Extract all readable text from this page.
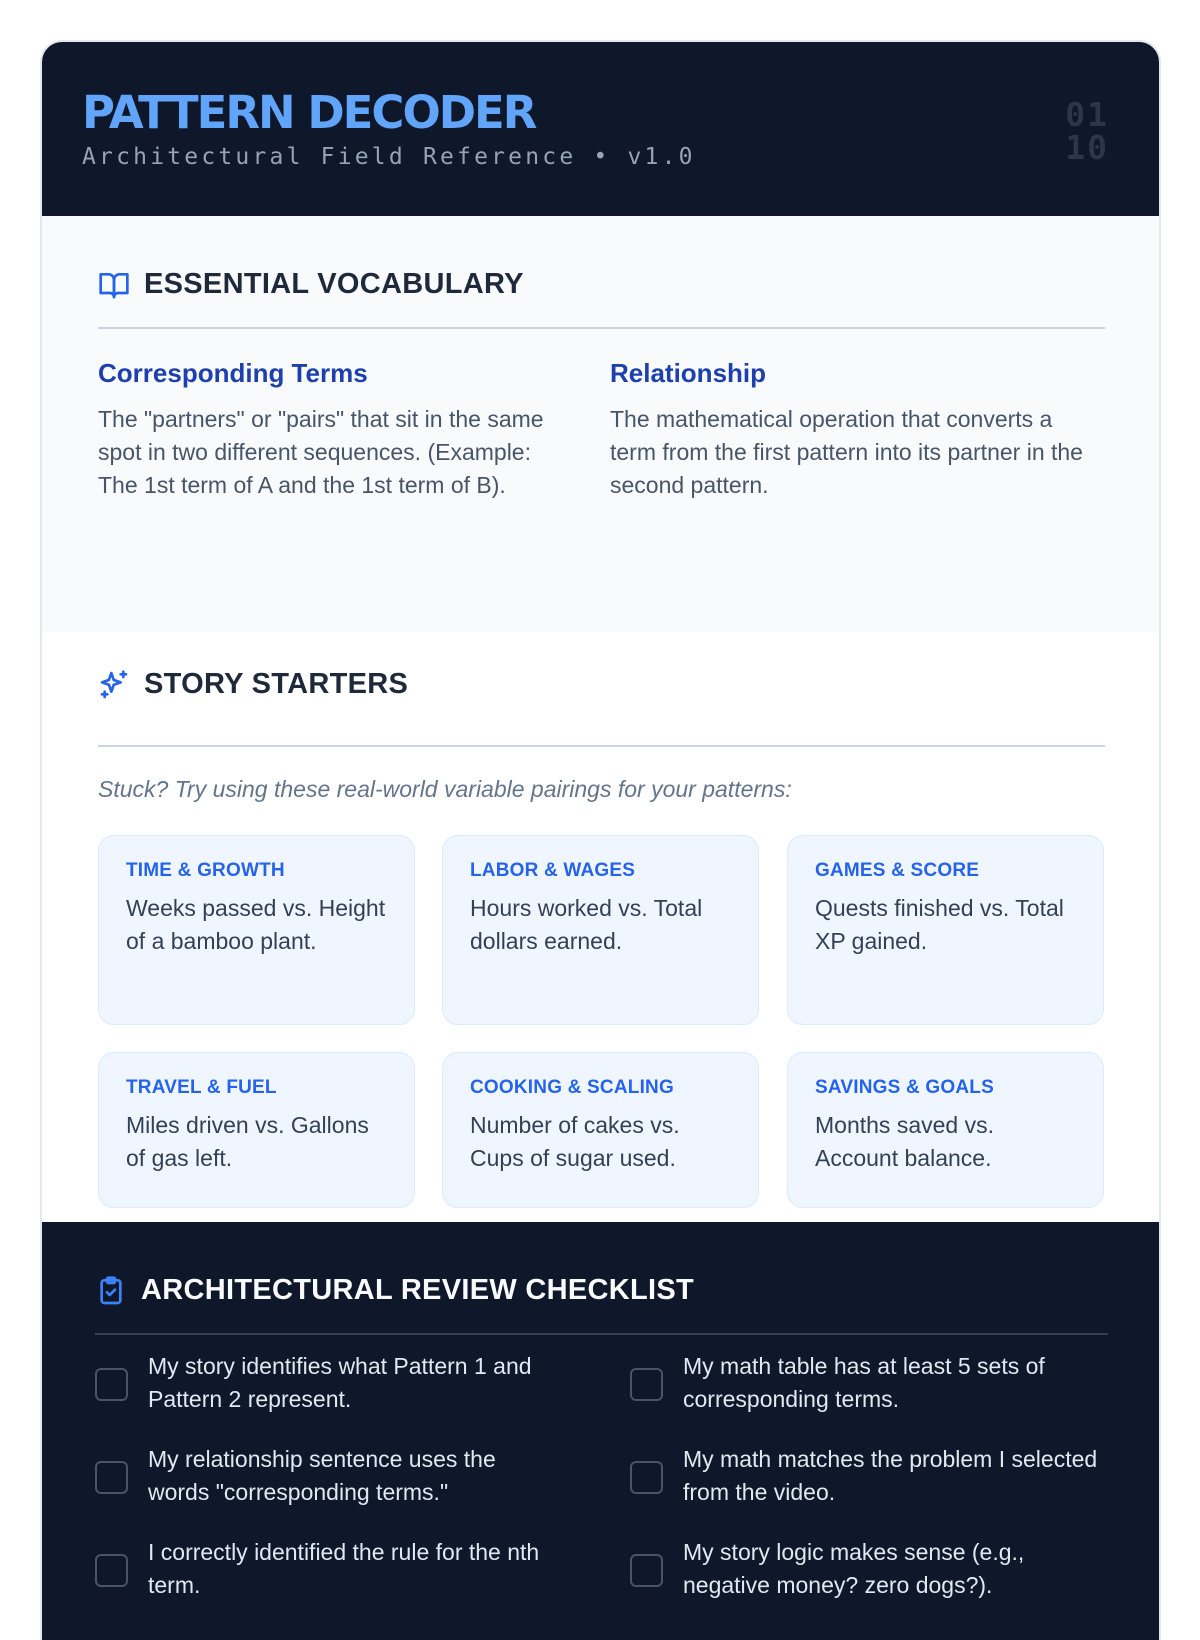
PATTERN DECODER
Architectural Field Reference • v1.0
01
10
ESSENTIAL VOCABULARY
Corresponding Terms

The "partners" or "pairs" that sit in the same spot in two different sequences. (Example: The 1st term of A and the 1st term of B).

Relationship

The mathematical operation that converts a term from the first pattern into its partner in the second pattern.

STORY STARTERS
Stuck? Try using these real-world variable pairings for your patterns:
TIME & GROWTH
Weeks passed vs. Height of a bamboo plant.
LABOR & WAGES
Hours worked vs. Total dollars earned.
GAMES & SCORE
Quests finished vs. Total XP gained.
TRAVEL & FUEL
Miles driven vs. Gallons of gas left.
COOKING & SCALING
Number of cakes vs. Cups of sugar used.
SAVINGS & GOALS
Months saved vs. Account balance.
ARCHITECTURAL REVIEW CHECKLIST
My story identifies what Pattern 1 and Pattern 2 represent.
My math table has at least 5 sets of corresponding terms.
My relationship sentence uses the words "corresponding terms."
My math matches the problem I selected from the video.
I correctly identified the rule for the nth term.
My story logic makes sense (e.g., negative money? zero dogs?).
